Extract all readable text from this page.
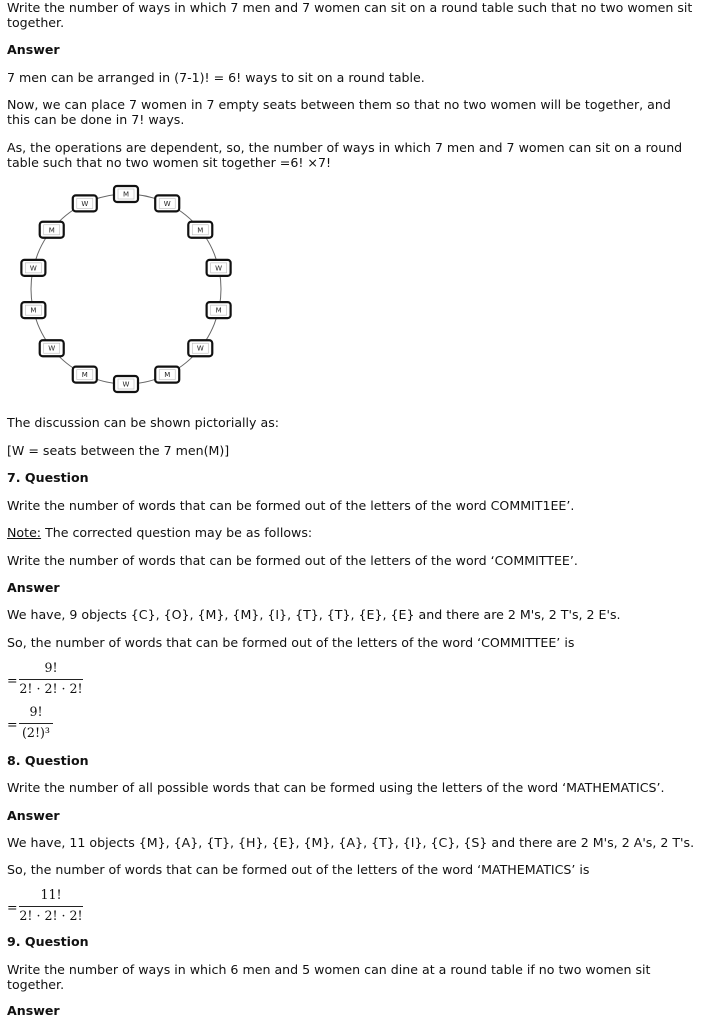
Write the number of ways in which 7 men and 7 women can sit on a round table such that no two women sit together.

Answer

7 men can be arranged in (7-1)! = 6! ways to sit on a round table.

Now, we can place 7 women in 7 empty seats between them so that no two women will be together, and this can be done in 7! ways.

As, the operations are dependent, so, the number of ways in which 7 men and 7 women can sit on a round table such that no two women sit together =6! ×7!

The discussion can be shown pictorially as:

[W = seats between the 7 men(M)]

7. Question

Write the number of words that can be formed out of the letters of the word COMMIT1EE’.

Note: The corrected question may be as follows:

Write the number of words that can be formed out of the letters of the word ‘COMMITTEE’.

Answer

We have, 9 objects {C}, {O}, {M}, {M}, {I}, {T}, {T}, {E}, {E} and there are 2 M's, 2 T's, 2 E's.

So, the number of words that can be formed out of the letters of the word ‘COMMITTEE’ is

=
9!
2! · 2! · 2!
=
9!
(2!)³

8. Question

Write the number of all possible words that can be formed using the letters of the word ‘MATHEMATICS’.

Answer

We have, 11 objects {M}, {A}, {T}, {H}, {E}, {M}, {A}, {T}, {I}, {C}, {S} and there are 2 M's, 2 A's, 2 T's.

So, the number of words that can be formed out of the letters of the word ‘MATHEMATICS’ is

=
11!
2! · 2! · 2!

9. Question

Write the number of ways in which 6 men and 5 women can dine at a round table if no two women sit together.

Answer

M
W
M
W
M
W
M
W
M
W
M
W
M
W
